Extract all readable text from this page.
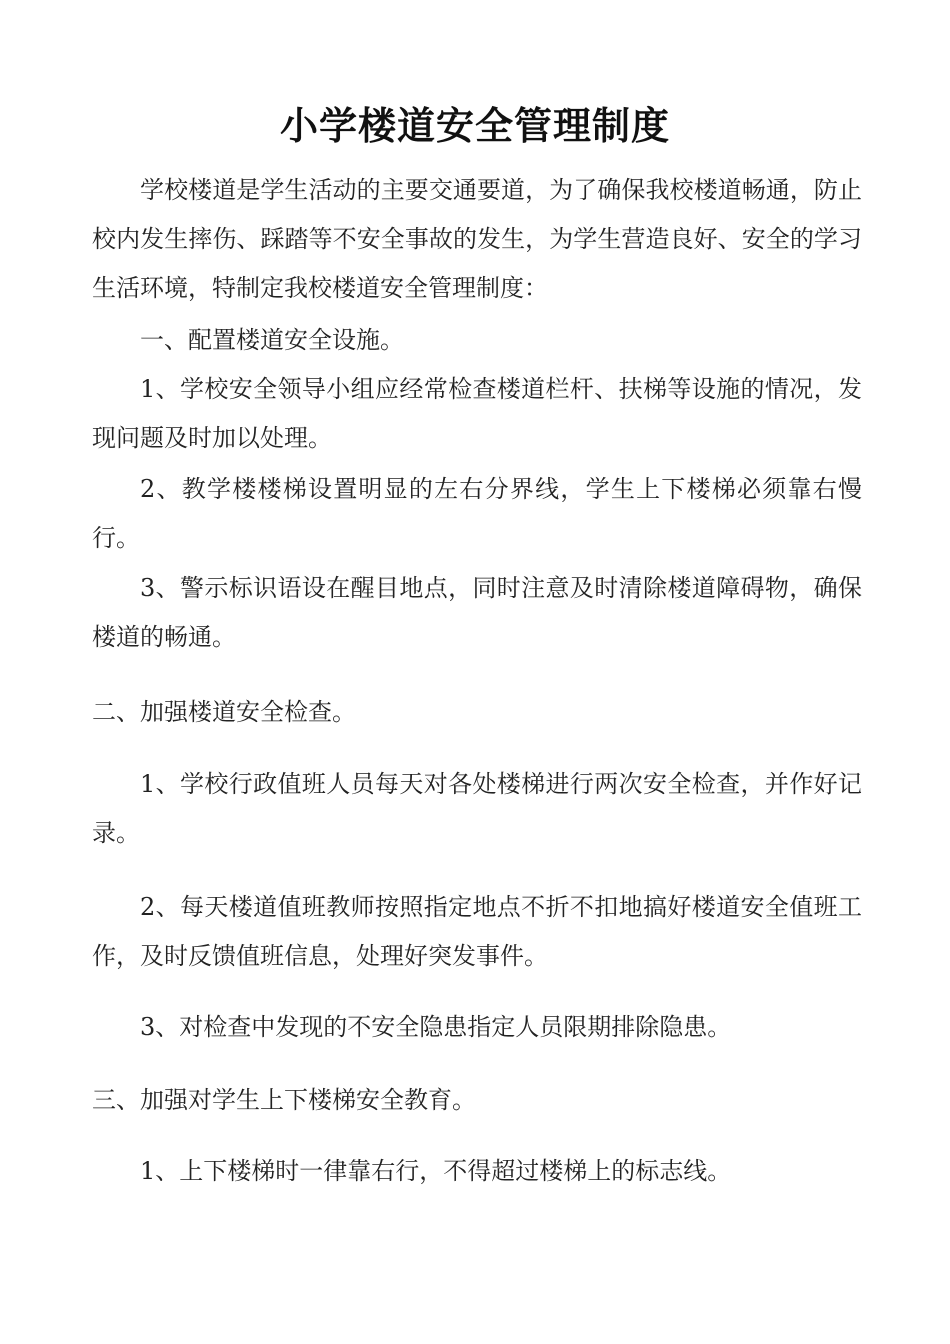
小学楼道安全管理制度
学校楼道是学生活动的主要交通要道，为了确保我校楼道畅通，防止校内发生摔伤、踩踏等不安全事故的发生，为学生营造良好、安全的学习生活环境，特制定我校楼道安全管理制度：
一、配置楼道安全设施。
1、学校安全领导小组应经常检查楼道栏杆、扶梯等设施的情况，发现问题及时加以处理。
2、教学楼楼梯设置明显的左右分界线，学生上下楼梯必须靠右慢行。
3、警示标识语设在醒目地点，同时注意及时清除楼道障碍物，确保楼道的畅通。
二、加强楼道安全检查。
1、学校行政值班人员每天对各处楼梯进行两次安全检查，并作好记录。
2、每天楼道值班教师按照指定地点不折不扣地搞好楼道安全值班工作，及时反馈值班信息，处理好突发事件。
3、对检查中发现的不安全隐患指定人员限期排除隐患。
三、加强对学生上下楼梯安全教育。
1、上下楼梯时一律靠右行，不得超过楼梯上的标志线。
